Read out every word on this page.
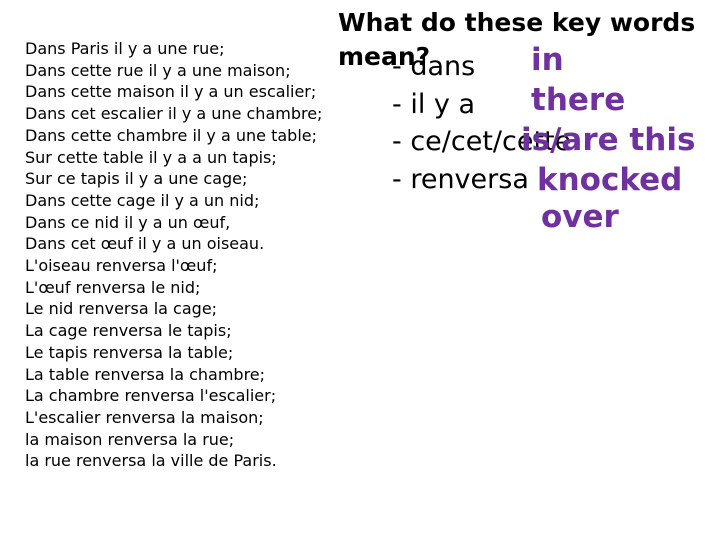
Dans Paris il y a une rue;
Dans cette rue il y a une maison;
Dans cette maison il y a un escalier;
Dans cet escalier il y a une chambre;
Dans cette chambre il y a une table;
Sur cette table il y a a un tapis;
Sur ce tapis il y a une cage;
Dans cette cage il y a un nid;
Dans ce nid il y a un œuf,
Dans cet œuf il y a un oiseau.
L'oiseau renversa l'œuf;
L'œuf renversa le nid;
Le nid renversa la cage;
La cage renversa le tapis;
Le tapis renversa la table;
La table renversa la chambre;
La chambre renversa l'escalier;
L'escalier renversa la maison;
la maison renversa la rue;
la rue renversa la ville de Paris.
What do these key words
mean?
- dans
- il y a
- ce/cet/cette
- renversa
in
there
is/are this
knocked
over
